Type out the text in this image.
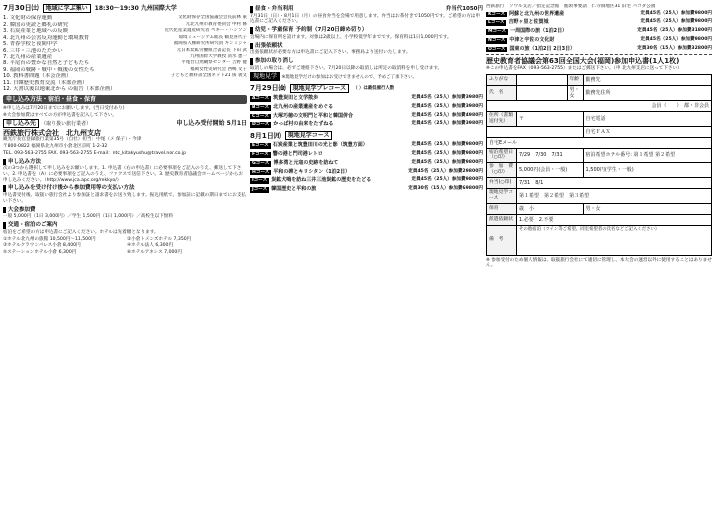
7月30日㈯	地域に学ぶ集い	18:30～19:30 九州国際大学
1. 文化財の保存運動	文化財保存全国協議会会長前林 東
2. 韓国の吏読と郷札の研究	元北九州市教育委員会 中村 修
3. 石炭産業と地域への反映	近代化産業遺産研究者 ペギー・ハンソン
4. 北九州の公害反対運動と環境教育	環境ミュージアム館長 鶴見喜代子
5. 青春学校と夜間中学	福岡県人権研究所研究員 キンミジャ
6. 三井・三池のたたかい	元日本炭鉱労働組合書記長 下田 武
7. 北九州の産業遺産	九州国際大学教授 清水 憲一
8. 平尾台の豊かな自然と子どもたち	平尾台自然観察センター 吉野 健
9. 福岡の戦跡・戦中・戦後の女性たち	福岡女性史研究会 西嶋 文子
10. 教科書問題（本会企画）	子どもと教科書全国ネット21 俵 義文
11. 日韓歴史教育交流（本部企画）
12. 大書以後以地東北から の報告（本部企画）
申し込み方法・宿泊・昼食・保育
※申し込みは7月20日までにお願いします。(当日受付あり)
※大会参加費はすべての方が申込書を記入して下さい。
申し込み先 （取り扱い旅行業者）	申し込み受付開始 5月1日
西鉄旅行株式会社　北九州支店
観光庁長官登録旅行業第35号（自社）担当：中尾（メ 保子）・今津
〒800-0822 福岡県北九州市小倉北区京町 1-2-32
TEL. 093-563-2755 FAX. 093-563-2755 E-mail：ntc_kitakyushu@travel.nor.co.jp
申し込み方法
次の3つから選択して申し込みをお願いします。1. 申込書（右の申込書）に必要事項をご記入のうえ、郵送して下さい。2. 申込書を（A）に必要事項をご記入のうえ、ファクスで送信下さい。3. 歴史教育者協議会ホームページからお申し込みください。（http://www.jca.apc.org/rekkyo/）
申し込みを受け付け後から参加費用等の支払い方法
申込書受付後、取扱い旅行会社より参加証と請求書をお送り致します。振込用紙で、参加証に記載の期日までにお支払い下さい。
大会参加費
一般 5,000円（1日 3,000円）／学生 1,500円（1日 1,000円）／高校生以下無料
交通・宿泊のご案内
宿泊をご希望の方は申込書にご記入ください。ホテルは先着順となります。
①ホテル北九州の旅館 10,500円～11,500円	②小倉トメンズホテル 7,350円
③ホテルクラウンパレス小倉 8,400円	④ホテル法人 6,300円
⑤ステーションホテル小倉 6,300円	⑥ホテルアネシス 7,000円
昼食・弁当利用	弁当代1050円
7月31日（日）・8月1日（月）の昼食弁当を会場で用意します。弁当はお茶付きで1050円です。ご希望の方は申込書にご記入ください。
幼児・学童保育 予約制（7月20日締め切り）
会場内に保育所を設けます。対象は2歳以上、小学校低学年までです。保育料は1日1,000円です。
出張依頼状
出張依頼状が必要な方は申込書にご記入下さい。事務局より送付いたします。
参加の取り消し
取消しの場合は、必ずご連絡下さい。7月20日以降の取消しは所定の取消料を申し受けます。
現地見学 ※現地見学だけの参加はお受けできませんので、予めご了承下さい。
7月29日㈮	現地見学プレコース	（ ）は最低催行人数
Aコース 筑豊炭田と文学散歩	定員45名（25人）参加費3980円
Bコース 北九州の産業遺産をめぐる	定員45名（25人）参加費3980円
Cコース 大塚巧徳の文明門と平和と韓国併合	定員45名（25人）参加費4980円
Dコース かっぱ村の由来をたずねる	定員45名（25人）参加費3980円
8月1日㈪	現地見学コース
Eコース 石炭産業と筑豊田川の光と影（筑豊方面）	定員45名（25人）参加費9800円
Fコース 響の港と門司港レトロ	定員45名（25人）参加費9800円
Gコース 博多湾と元寇の史跡を訪ねて	定員45名（25人）参加費9800円
Hコース 平和の碑とキリシタン（1泊2日）	定員45名（25人）参加費29800円
Iコース 炭鉱犬鳴を訪ね三井三池炭鉱の歴史をたどる	定員45名（25人）参加費9800円
Jコース 韓国歴史と平和の旅	定員30名（15人）参加費69800円
西鉄旅行　ソウル支店／指定記念館　総領事要請　仁寺洞地区31 旧宅 パコダ公園
Kコース 阿蘇と北九州の世界遺産	定員45名（25人）参加費9800円
Lコース 吉野ヶ里と佐賀城	定員45名（25人）参加費9800円
Mコース 一周国際の旅（1泊2日）	定員45名（25人）参加費31800円
Nコース 中津と宇佐の文化財	定員45名（25人）参加費9800円
Oコース 国東の旅（1泊2日 2日3日）	定員30名（15人）参加費32800円
歴史教育者協議会第63回全国大会(福岡)参加申込書(1人1枚)
※この申込書をFAX（093-563-2755）またはご郵送下さい。（申 北九州支店に送って下さい）
ふりがな		年齢	勤務先
氏　名		男・女	勤務先住所
会員（　　）　都・非会員			
住所（書類送付先）	〒		自宅電話
			自宅ＦＡＸ
自宅Eメール			
宿泊希望日（○印）	7/29　 7/30　 7/31		宿泊希望ホテル番号: 第１希望 第２希望
参　加　費（○印）	5,000円(会員・一般)		1,500円(学生・一般)
弁当(○印)	7/31　 8/1		
現地見学コース	第１希望　 第２希望　 第３希望		
保育	歳　小		男・女
派遣依頼状	1.必要　2.不要		
備　考	その他宿泊（ツイン等ご希望、同室希望者の氏名などご記入ください）		
※ 参加受付のため個人情報は、取扱旅行会社にて適切に管理し、本大会の運営以外に使用することはありません。
